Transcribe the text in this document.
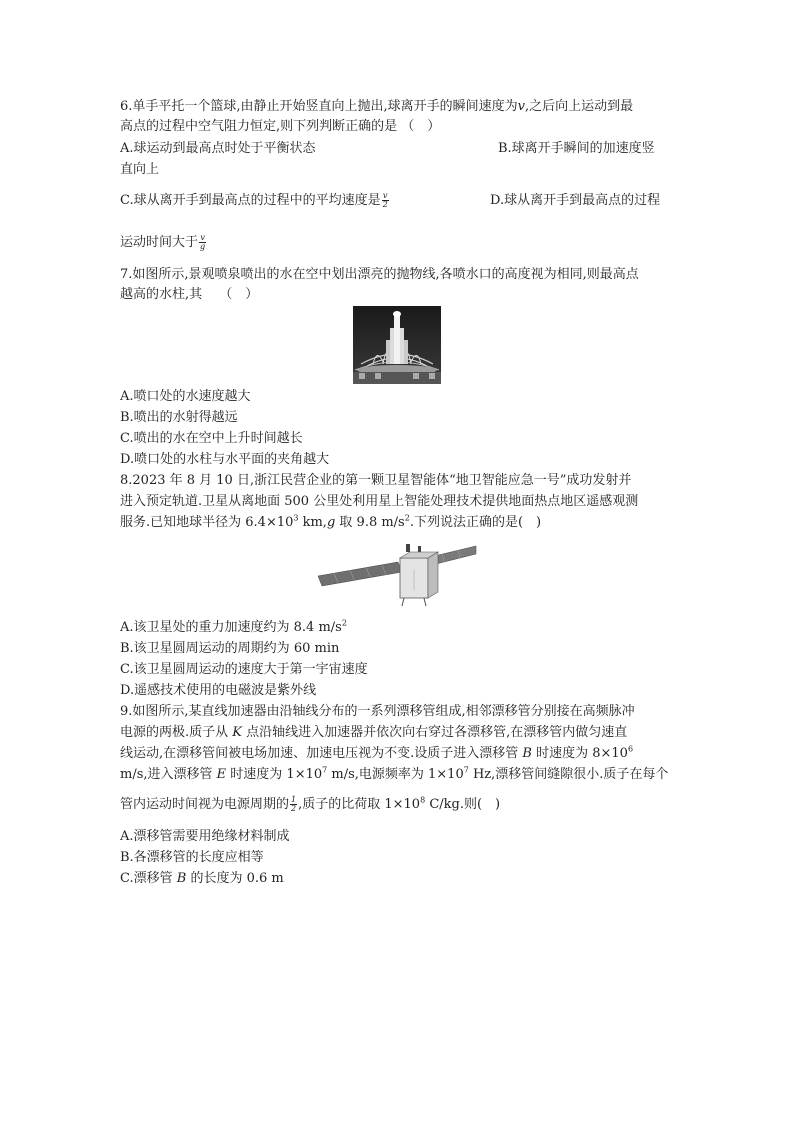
6.单手平托一个篮球,由静止开始竖直向上抛出,球离开手的瞬间速度为v,之后向上运动到最
高点的过程中空气阻力恒定,则下列判断正确的是 （　）
A.球运动到最高点时处于平衡状态	B.球离开手瞬间的加速度竖
直向上
C.球从离开手到最高点的过程中的平均速度是 $\frac{v}{2}$	D.球从离开手到最高点的过程
运动时间大于 $\frac{v}{g}$
7.如图所示,景观喷泉喷出的水在空中划出漂亮的抛物线,各喷水口的高度视为相同,则最高点
越高的水柱,其　 （　）
A.喷口处的水速度越大
B.喷出的水射得越远
C.喷出的水在空中上升时间越长
D.喷口处的水柱与水平面的夹角越大
8.2023 年 8 月 10 日,浙江民营企业的第一颗卫星智能体“地卫智能应急一号”成功发射并
进入预定轨道.卫星从离地面 500 公里处利用星上智能处理技术提供地面热点地区遥感观测
服务.已知地球半径为 $6.4\times 10^3$ km,g 取 9.8 $m/s^2$.下列说法正确的是(　)
A.该卫星处的重力加速度约为 8.4 $m/s^2$
B.该卫星圆周运动的周期约为 60 min
C.该卫星圆周运动的速度大于第一宇宙速度
D.遥感技术使用的电磁波是紫外线
9.如图所示,某直线加速器由沿轴线分布的一系列漂移管组成,相邻漂移管分别接在高频脉冲
电源的两极.质子从 K 点沿轴线进入加速器并依次向右穿过各漂移管,在漂移管内做匀速直
线运动,在漂移管间被电场加速、加速电压视为不变.设质子进入漂移管 B 时速度为 $8\times 10^6$
m/s,进入漂移管 E 时速度为 $1\times 10^7$ m/s,电源频率为 $1\times 10^7$ Hz,漂移管间缝隙很小.质子在每个
管内运动时间视为电源周期的 $\frac{1}{2}$ ,质子的比荷取 $1\times 10^8$ C/kg.则(　)
A.漂移管需要用绝缘材料制成
B.各漂移管的长度应相等
C.漂移管 B 的长度为 0.6 m
